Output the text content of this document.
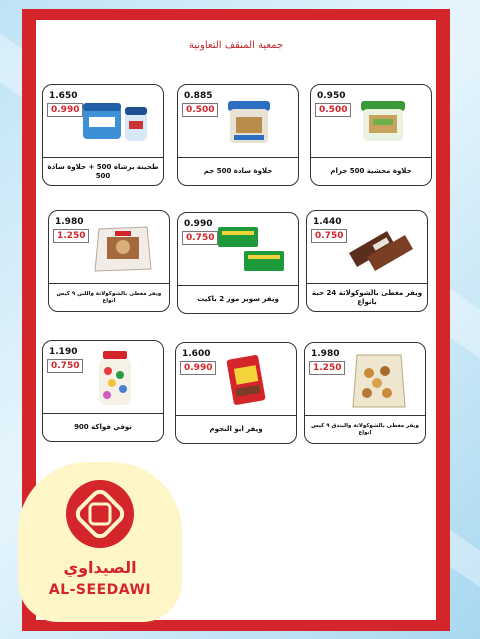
جمعية المنقف التعاونية
1.650
0.990
طحينة يرشاه 500 + حلاوة سادة 500
0.885
0.500
حلاوة سادة 500 جم
0.950
0.500
حلاوة محشية 500 جرام
1.980
1.250
ويفر مغطى بالشوكولاتة واللبن ٩ كيس انواع
0.990
0.750
ويفر سوبر موز 2 باكيت
1.440
0.750
ويفر مغطى بالشوكولاتة 24 حبة بانواع
1.190
0.750
توفي فواكة 900
1.600
0.990
ويفر ابو النجوم
1.980
1.250
ويفر مغطى بالشوكولاتة والبندق ٩ كيس انواع
الصيداوي
AL-SEEDAWI
